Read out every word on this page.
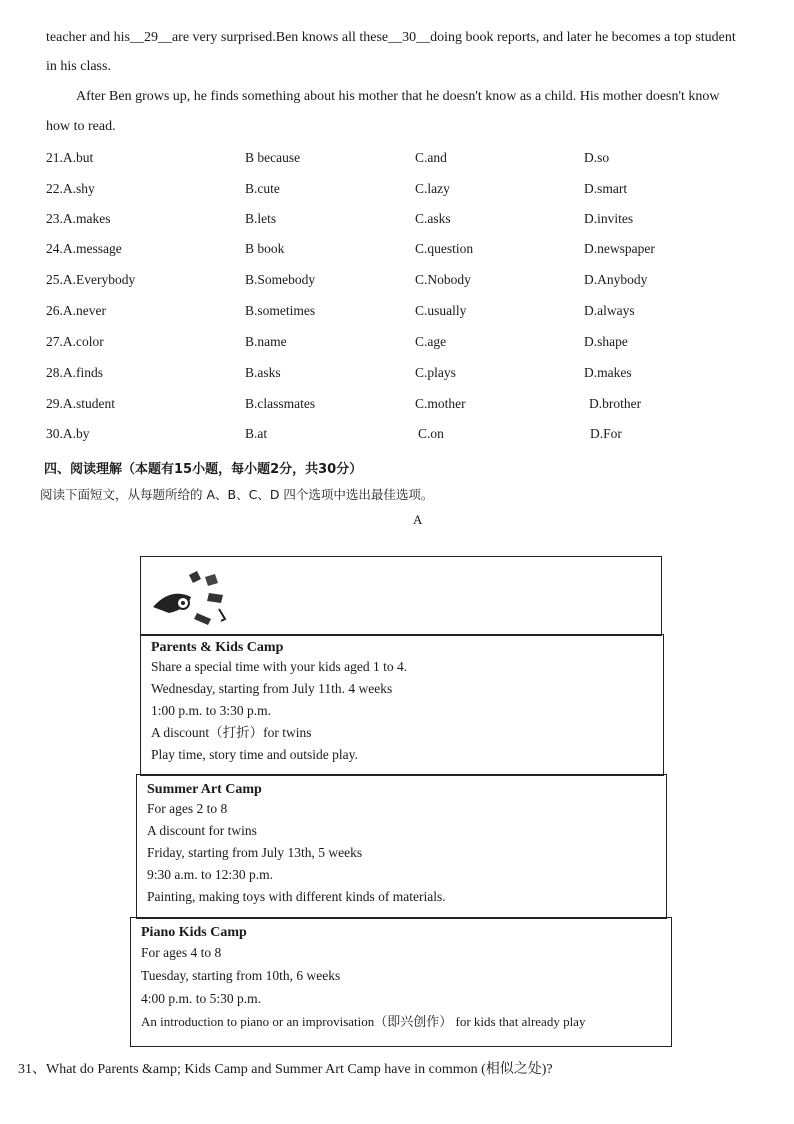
teacher and his__29__are very surprised.Ben knows all these__30__doing book reports, and later he becomes a top student
in his class.
After Ben grows up, he finds something about his mother that he doesn't know as a child. His mother doesn't know
how to read.
21.A.but	B because	C.and	D.so
22.A.shy	B.cute	C.lazy	D.smart
23.A.makes	B.lets	C.asks	D.invites
24.A.message	B book	C.question	D.newspaper
25.A.Everybody	B.Somebody	C.Nobody	D.Anybody
26.A.never	B.sometimes	C.usually	D.always
27.A.color	B.name	C.age	D.shape
28.A.finds	B.asks	C.plays	D.makes
29.A.student	B.classmates	C.mother	D.brother
30.A.by	B.at	C.on	D.For
四、阅读理解（本题有15小题，每小题2分，共30分）
阅读下面短文，从每题所给的 A、B、C、D 四个选项中选出最佳选项。
A
Parents & Kids Camp
Share a special time with your kids aged 1 to 4.
Wednesday, starting from July 11th. 4 weeks
1:00 p.m. to 3:30 p.m.
A discount（打折）for twins
Play time, story time and outside play.
Summer Art Camp
For ages 2 to 8
A discount for twins
Friday, starting from July 13th, 5 weeks
9:30 a.m. to 12:30 p.m.
Painting, making toys with different kinds of materials.
Piano Kids Camp
For ages 4 to 8
Tuesday, starting from 10th, 6 weeks
4:00 p.m. to 5:30 p.m.
An introduction to piano or an improvisation（即兴创作） for kids that already play
31、What do Parents &amp; Kids Camp and Summer Art Camp have in common (相似之处)?
